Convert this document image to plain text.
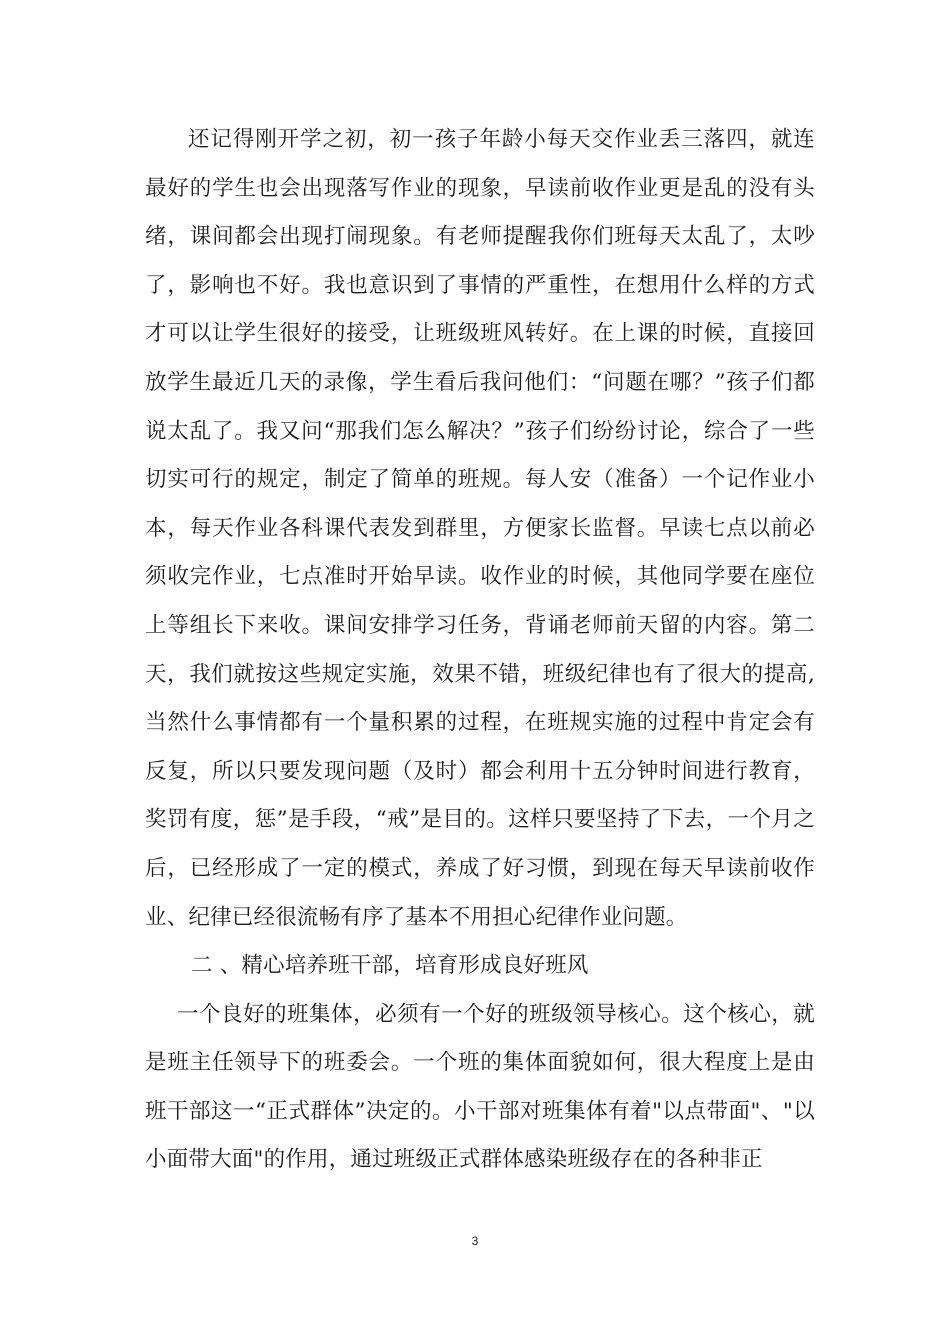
还记得刚开学之初，初一孩子年龄小每天交作业丢三落四，就连最好的学生也会出现落写作业的现象，早读前收作业更是乱的没有头绪，课间都会出现打闹现象。有老师提醒我你们班每天太乱了，太吵了，影响也不好。我也意识到了事情的严重性，在想用什么样的方式才可以让学生很好的接受，让班级班风转好。在上课的时候，直接回放学生最近几天的录像，学生看后我问他们：“问题在哪？”孩子们都说太乱了。我又问“那我们怎么解决？”孩子们纷纷讨论，综合了一些切实可行的规定，制定了简单的班规。每人安（准备）一个记作业小本，每天作业各科课代表发到群里，方便家长监督。早读七点以前必须收完作业，七点准时开始早读。收作业的时候，其他同学要在座位上等组长下来收。课间安排学习任务，背诵老师前天留的内容。第二天，我们就按这些规定实施，效果不错，班级纪律也有了很大的提高,当然什么事情都有一个量积累的过程，在班规实施的过程中肯定会有反复，所以只要发现问题（及时）都会利用十五分钟时间进行教育，奖罚有度，惩”是手段，“戒”是目的。这样只要坚持了下去，一个月之后，已经形成了一定的模式，养成了好习惯，到现在每天早读前收作业、纪律已经很流畅有序了基本不用担心纪律作业问题。

二 、精心培养班干部，培育形成良好班风

一个良好的班集体，必须有一个好的班级领导核心。这个核心，就是班主任领导下的班委会。一个班的集体面貌如何，很大程度上是由班干部这一“正式群体”决定的。小干部对班集体有着"以点带面"、"以小面带大面"的作用，通过班级正式群体感染班级存在的各种非正

3
